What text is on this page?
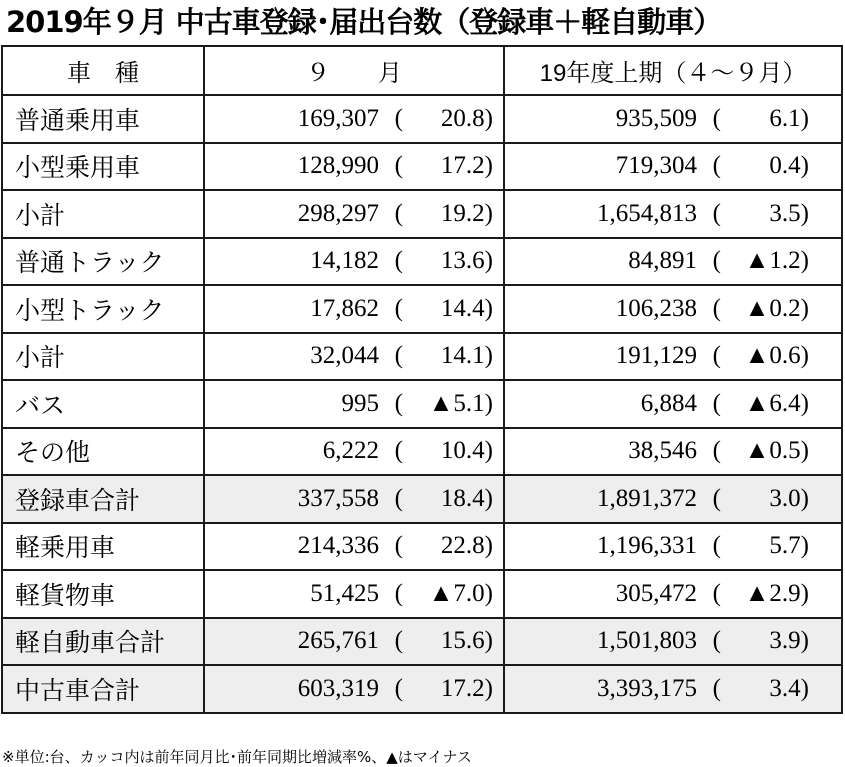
2019年９月 中古車登録･届出台数（登録車＋軽自動車）
車　種	９　　月	19年度上期（４～９月）
普通乗用車	169,307 ( 20.8)	935,509 ( 6.1)

小型乗用車	128,990 ( 17.2)	719,304 ( 0.4)

小計	298,297 ( 19.2)	1,654,813 ( 3.5)

普通トラック	14,182 ( 13.6)	84,891 ( ▲1.2)

小型トラック	17,862 ( 14.4)	106,238 ( ▲0.2)

小計	32,044 ( 14.1)	191,129 ( ▲0.6)

バス	995 ( ▲5.1)	6,884 ( ▲6.4)

その他	6,222 ( 10.4)	38,546 ( ▲0.5)

登録車合計	337,558 ( 18.4)	1,891,372 ( 3.0)

軽乗用車	214,336 ( 22.8)	1,196,331 ( 5.7)

軽貨物車	51,425 ( ▲7.0)	305,472 ( ▲2.9)

軽自動車合計	265,761 ( 15.6)	1,501,803 ( 3.9)

中古車合計	603,319 ( 17.2)	3,393,175 ( 3.4)
※単位:台、カッコ内は前年同月比･前年同期比増減率%、▲はマイナス
